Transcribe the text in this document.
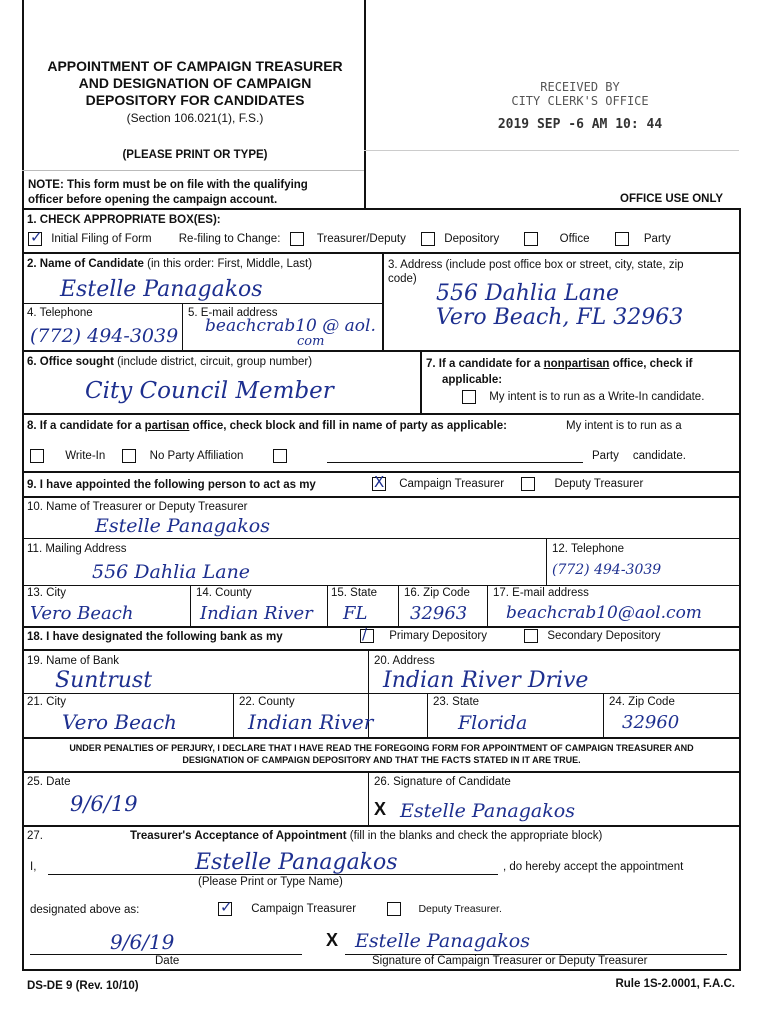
APPOINTMENT OF CAMPAIGN TREASURER
AND DESIGNATION OF CAMPAIGN
DEPOSITORY FOR CANDIDATES
(Section 106.021(1), F.S.)
(PLEASE PRINT OR TYPE)
NOTE: This form must be on file with the qualifying
officer before opening the campaign account.
RECEIVED BY
CITY CLERK'S OFFICE
2019 SEP -6 AM 10: 44
OFFICE USE ONLY
1. CHECK APPROPRIATE BOX(ES):
✓ Initial Filing of Form Re-filing to Change:	Treasurer/Deputy	Depository	Office	Party
2. Name of Candidate (in this order: First, Middle, Last)
Estelle Panagakos
3. Address (include post office box or street, city, state, zip
code)
556 Dahlia Lane
Vero Beach, FL 32963
4. Telephone
(772) 494-3039
5. E-mail address
beachcrab10 @ aol.
com
6. Office sought (include district, circuit, group number)
City Council Member
7. If a candidate for a nonpartisan office, check if
applicable:
My intent is to run as a Write-In candidate.
8. If a candidate for a partisan office, check block and fill in name of party as applicable:	My intent is to run as a
Write-In	No Party Affiliation	Party candidate.
9. I have appointed the following person to act as my	X Campaign Treasurer	Deputy Treasurer
10. Name of Treasurer or Deputy Treasurer
Estelle Panagakos
11. Mailing Address
556 Dahlia Lane
12. Telephone
(772) 494-3039
13. City
Vero Beach
14. County
Indian River
15. State
FL
16. Zip Code
32963
17. E-mail address
beachcrab10@aol.com
18. I have designated the following bank as my	/ Primary Depository	Secondary Depository
19. Name of Bank
Suntrust
20. Address
Indian River Drive
21. City
Vero Beach
22. County
Indian River
23. State
Florida
24. Zip Code
32960
UNDER PENALTIES OF PERJURY, I DECLARE THAT I HAVE READ THE FOREGOING FORM FOR APPOINTMENT OF CAMPAIGN TREASURER AND
DESIGNATION OF CAMPAIGN DEPOSITORY AND THAT THE FACTS STATED IN IT ARE TRUE.
25. Date
9/6/19
26. Signature of Candidate
X Estelle Panagakos
27.	Treasurer's Acceptance of Appointment (fill in the blanks and check the appropriate block)
I,	Estelle Panagakos	, do hereby accept the appointment
(Please Print or Type Name)
designated above as:	✓ Campaign Treasurer	Deputy Treasurer.
9/6/19
Date
X Estelle Panagakos
Signature of Campaign Treasurer or Deputy Treasurer
DS-DE 9 (Rev. 10/10)	Rule 1S-2.0001, F.A.C.
